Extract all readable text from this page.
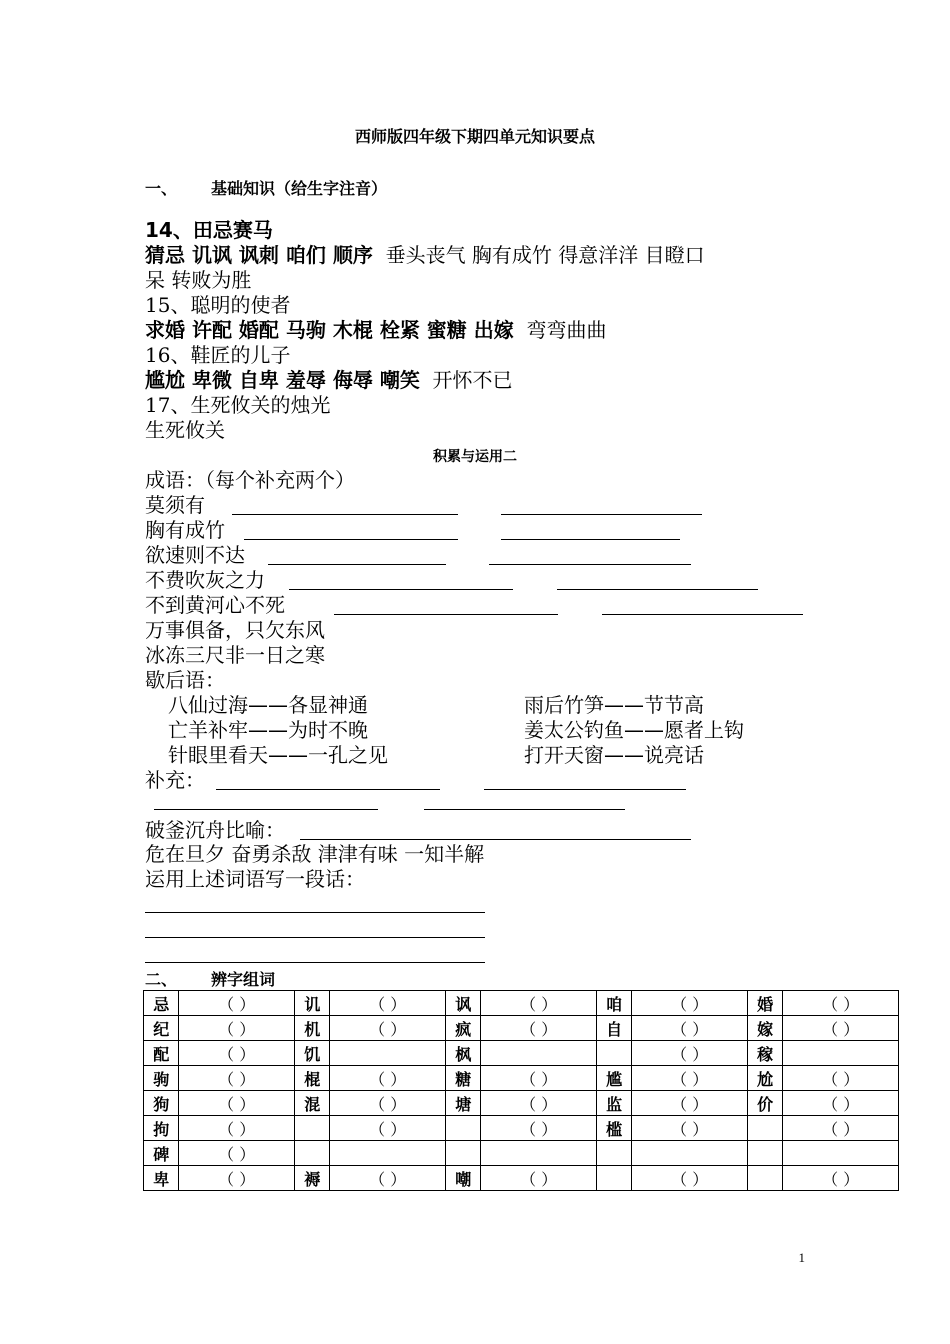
西师版四年级下期四单元知识要点
一、 基础知识（给生字注音）
14、田忌赛马
猜忌 讥讽 讽刺 咱们 顺序 垂头丧气 胸有成竹 得意洋洋 目瞪口
呆 转败为胜
15、聪明的使者
求婚 许配 婚配 马驹 木棍 栓紧 蜜糖 出嫁 弯弯曲曲
16、鞋匠的儿子
尴尬 卑微 自卑 羞辱 侮辱 嘲笑 开怀不已
17、生死攸关的烛光
生死攸关
积累与运用二
成语：（每个补充两个）
莫须有
胸有成竹
欲速则不达
不费吹灰之力
不到黄河心不死
万事俱备，只欠东风
冰冻三尺非一日之寒
歇后语：
八仙过海——各显神通	雨后竹笋——节节高
亡羊补牢——为时不晚	姜太公钓鱼——愿者上钩
针眼里看天——一孔之见	打开天窗——说亮话
补充：
破釜沉舟比喻：
危在旦夕 奋勇杀敌 津津有味 一知半解
运用上述词语写一段话：
二、 辨字组词
忌	（ ）	讥	（ ）	讽	（ ）	咱	（ ）	婚	（ ）
纪	（ ）	机	（ ）	疯	（ ）	自	（ ）	嫁	（ ）
配	（ ）	饥		枫			（ ）	稼	
驹	（ ）	棍	（ ）	糖	（ ）	尴	（ ）	尬	（ ）
狗	（ ）	混	（ ）	塘	（ ）	监	（ ）	价	（ ）
拘	（ ）		（ ）		（ ）	槛	（ ）		（ ）
碑	（ ）								
卑	（ ）	褥	（ ）	嘲	（ ）		（ ）		（ ）
1
